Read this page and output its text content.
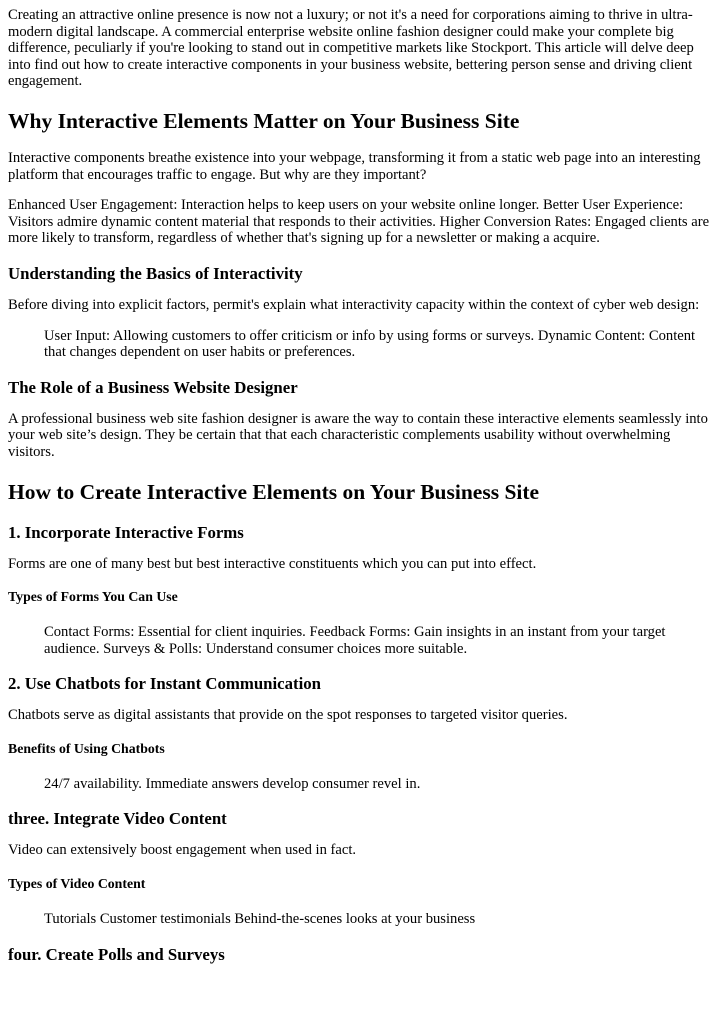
Creating an attractive online presence is now not a luxury; or not it's a need for corporations aiming to thrive in ultra-modern digital landscape. A commercial enterprise website online fashion designer could make your complete big difference, peculiarly if you're looking to stand out in competitive markets like Stockport. This article will delve deep into find out how to create interactive components in your business website, bettering person sense and driving client engagement.

Why Interactive Elements Matter on Your Business Site

Interactive components breathe existence into your webpage, transforming it from a static web page into an interesting platform that encourages traffic to engage. But why are they important?

Enhanced User Engagement: Interaction helps to keep users on your website online longer. Better User Experience: Visitors admire dynamic content material that responds to their activities. Higher Conversion Rates: Engaged clients are more likely to transform, regardless of whether that's signing up for a newsletter or making a acquire.

Understanding the Basics of Interactivity

Before diving into explicit factors, permit's explain what interactivity capacity within the context of cyber web design:

User Input: Allowing customers to offer criticism or info by using forms or surveys. Dynamic Content: Content that changes dependent on user habits or preferences.

The Role of a Business Website Designer

A professional business web site fashion designer is aware the way to contain these interactive elements seamlessly into your web site’s design. They be certain that that each characteristic complements usability without overwhelming visitors.

How to Create Interactive Elements on Your Business Site
1. Incorporate Interactive Forms

Forms are one of many best but best interactive constituents which you can put into effect.

Types of Forms You Can Use

Contact Forms: Essential for client inquiries. Feedback Forms: Gain insights in an instant from your target audience. Surveys & Polls: Understand consumer choices more suitable.

2. Use Chatbots for Instant Communication

Chatbots serve as digital assistants that provide on the spot responses to targeted visitor queries.

Benefits of Using Chatbots

24/7 availability. Immediate answers develop consumer revel in.

three. Integrate Video Content

Video can extensively boost engagement when used in fact.

Types of Video Content

Tutorials Customer testimonials Behind-the-scenes looks at your business

four. Create Polls and Surveys
